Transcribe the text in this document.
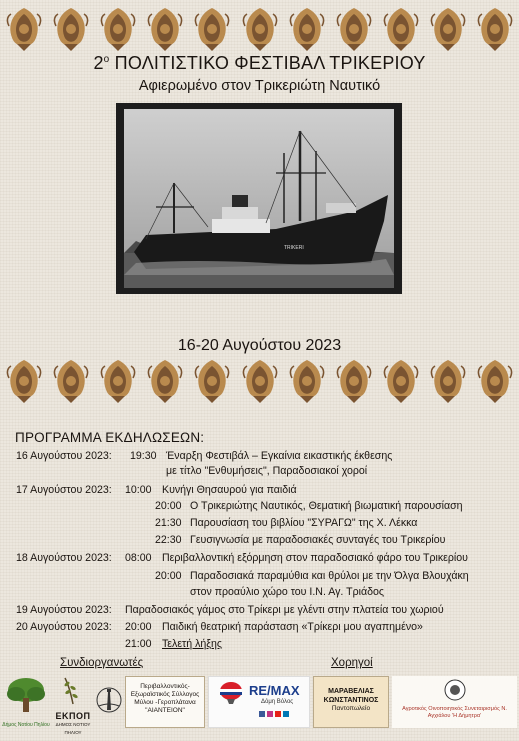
$2^o$ ΠΟΛΙΤΙΣΤΙΚΟ ΦΕΣΤΙΒΑΛ ΤΡΙΚΕΡΙΟΥ
Αφιερωμένο στον Τρικεριώτη Ναυτικό
TRIKERI
16-20 Αυγούστου 2023
ΠΡΟΓΡΑΜΜΑ ΕΚΔΗΛΩΣΕΩΝ:
16 Αυγούστου 2023: 19:30 Έναρξη Φεστιβάλ – Εγκαίνια εικαστικής έκθεσης
με τίτλο "Ενθυμήσεις", Παραδοσιακοί χοροί
17 Αυγούστου 2023: 10:00 Κυνήγι Θησαυρού για παιδιά
20:00 Ο Τρικεριώτης Ναυτικός, Θεματική βιωματική παρουσίαση
21:30 Παρουσίαση του βιβλίου "ΣΥΡΑΓΩ" της Χ. Λέκκα
22:30 Γευσιγνωσία με παραδοσιακές συνταγές του Τρικερίου
18 Αυγούστου 2023: 08:00 Περιβαλλοντική εξόρμηση στον παραδοσιακό φάρο του Τρικερίου
20:00 Παραδοσιακά παραμύθια και θρύλοι με την Όλγα Βλουχάκη
στον προαύλιο χώρο του Ι.Ν. Αγ. Τριάδος
19 Αυγούστου 2023: Παραδοσιακός γάμος στο Τρίκερι με γλέντι στην πλατεία του χωριού
20 Αυγούστου 2023: 20:00 Παιδική θεατρική παράσταση «Τρίκερι μου αγαπημένο»
21:00 Τελετή λήξης
Συνδιοργανωτές	Χορηγοί
Δήμος Νοτίου Πηλίου
ΕΚΠΟΠ
ΔΗΜΟΣ ΝΟΤΙΟΥ ΠΗΛΙΟΥ
Περιβαλλοντικός-Εξωραϊστικός Σύλλογος Μύλου -Γεροπλάτανα "ΑΙΑΝΤΕΙΟΝ"
RE/MAX
Δόμη Βόλος
ΜΑΡΑΒΕΛΙΑΣ ΚΩΝΣΤΑΝΤΙΝΟΣ
Παντοπωλείο	Αγροτικός Οινοποιητικός Συνεταιρισμός Ν. Αγχιάλου 'Η Δήμητρα'
